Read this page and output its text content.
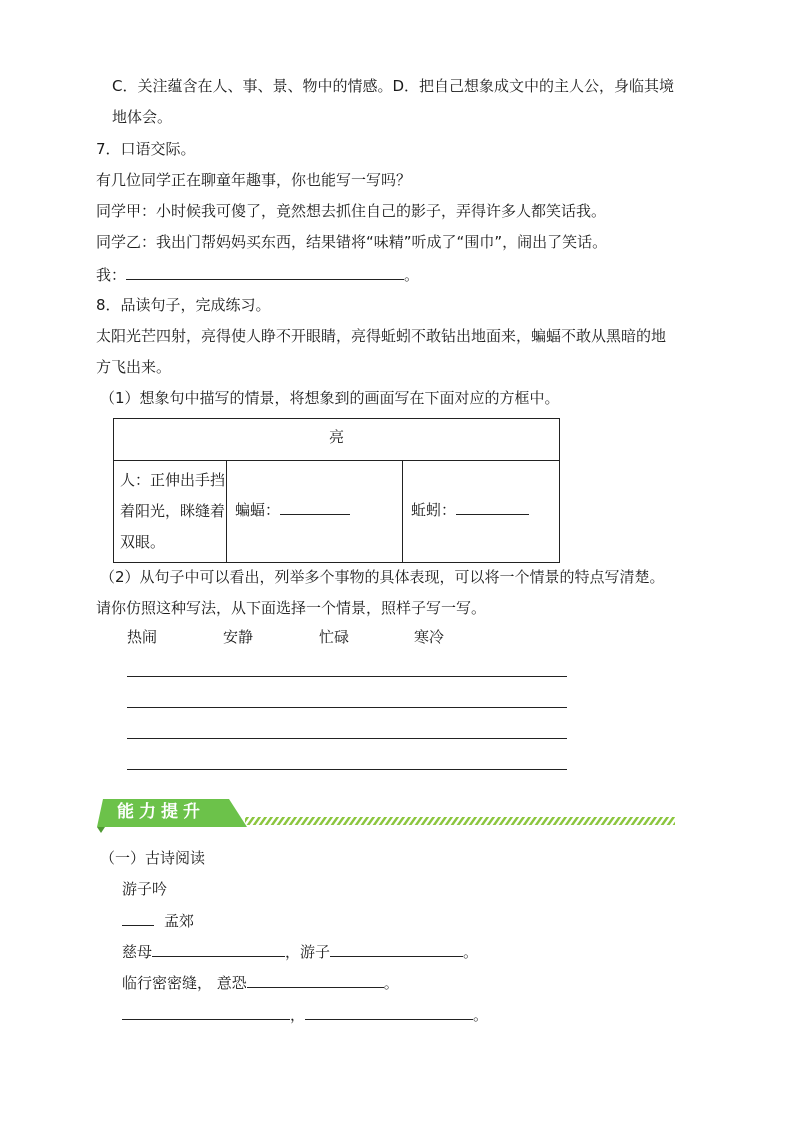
C．关注蕴含在人、事、景、物中的情感。D．把自己想象成文中的主人公，身临其境
地体会。
7．口语交际。
有几位同学正在聊童年趣事，你也能写一写吗？
同学甲：小时候我可傻了，竟然想去抓住自己的影子，弄得许多人都笑话我。
同学乙：我出门帮妈妈买东西，结果错将“味精”听成了“围巾”，闹出了笑话。
我：	。
8．品读句子，完成练习。
太阳光芒四射，亮得使人睁不开眼睛，亮得蚯蚓不敢钻出地面来，蝙蝠不敢从黑暗的地
方飞出来。
（1）想象句中描写的情景，将想象到的画面写在下面对应的方框中。
亮
人：正伸出手挡着阳光，眯缝着双眼。
蝙蝠：	蚯蚓：
（2）从句子中可以看出，列举多个事物的具体表现，可以将一个情景的特点写清楚。
请你仿照这种写法，从下面选择一个情景，照样子写一写。
热闹	安静	忙碌	寒冷
能力提升
（一）古诗阅读
游子吟
孟郊
慈母	，游子	。
临行密密缝， 意恐	。
，	。
